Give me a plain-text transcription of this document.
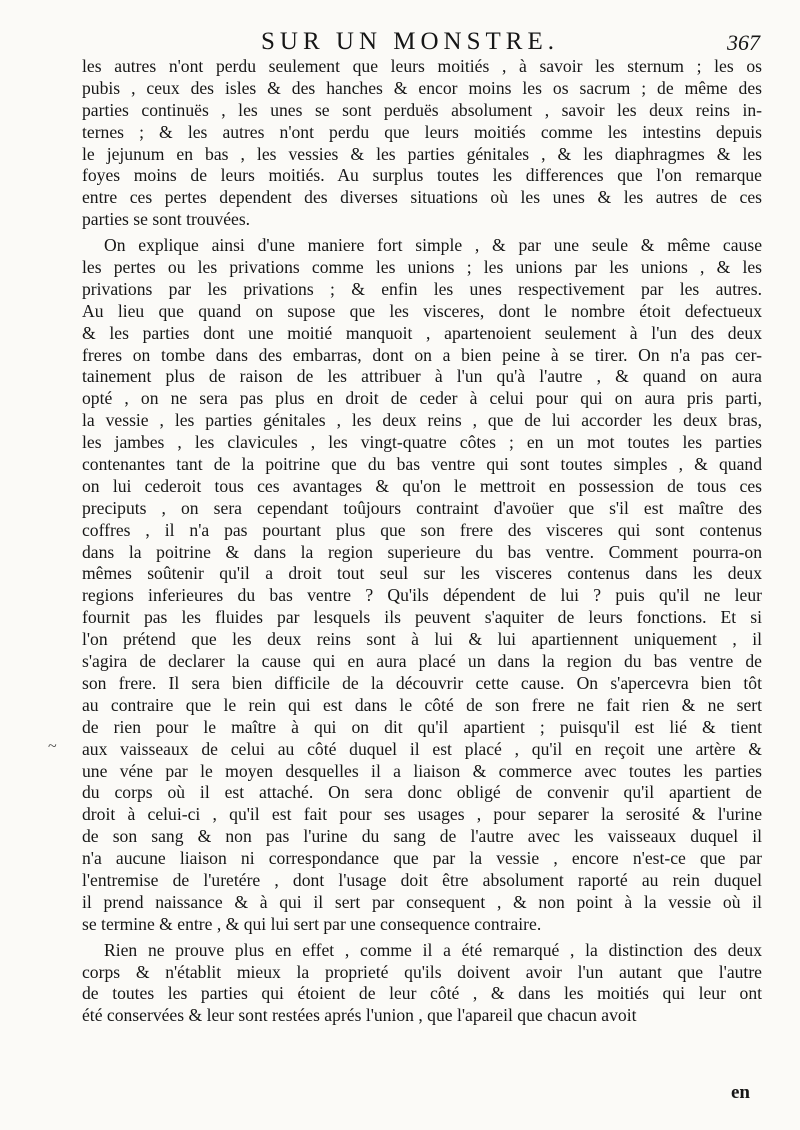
SUR UN MONSTRE.	367
~
les autres n'ont perdu seulement que leurs moitiés , à savoir les sternum ; les os
pubis , ceux des isles & des hanches & encor moins les os sacrum ; de même des
parties continuës , les unes se sont perduës absolument , savoir les deux reins in-
ternes ; & les autres n'ont perdu que leurs moitiés comme les intestins depuis
le jejunum en bas , les vessies & les parties génitales , & les diaphragmes & les
foyes moins de leurs moitiés. Au surplus toutes les differences que l'on remarque
entre ces pertes dependent des diverses situations où les unes & les autres de ces
parties se sont trouvées.
On explique ainsi d'une maniere fort simple , & par une seule & même cause
les pertes ou les privations comme les unions ; les unions par les unions , & les
privations par les privations ; & enfin les unes respectivement par les autres.
Au lieu que quand on supose que les visceres, dont le nombre étoit defectueux
& les parties dont une moitié manquoit , apartenoient seulement à l'un des deux
freres on tombe dans des embarras, dont on a bien peine à se tirer. On n'a pas cer-
tainement plus de raison de les attribuer à l'un qu'à l'autre , & quand on aura
opté , on ne sera pas plus en droit de ceder à celui pour qui on aura pris parti,
la vessie , les parties génitales , les deux reins , que de lui accorder les deux bras,
les jambes , les clavicules , les vingt-quatre côtes ; en un mot toutes les parties
contenantes tant de la poitrine que du bas ventre qui sont toutes simples , & quand
on lui cederoit tous ces avantages & qu'on le mettroit en possession de tous ces
preciputs , on sera cependant toûjours contraint d'avoüer que s'il est maître des
coffres , il n'a pas pourtant plus que son frere des visceres qui sont contenus
dans la poitrine & dans la region superieure du bas ventre. Comment pourra-on
mêmes soûtenir qu'il a droit tout seul sur les visceres contenus dans les deux
regions inferieures du bas ventre ? Qu'ils dépendent de lui ? puis qu'il ne leur
fournit pas les fluides par lesquels ils peuvent s'aquiter de leurs fonctions. Et si
l'on prétend que les deux reins sont à lui & lui apartiennent uniquement , il
s'agira de declarer la cause qui en aura placé un dans la region du bas ventre de
son frere. Il sera bien difficile de la découvrir cette cause. On s'apercevra bien tôt
au contraire que le rein qui est dans le côté de son frere ne fait rien & ne sert
de rien pour le maître à qui on dit qu'il apartient ; puisqu'il est lié & tient
aux vaisseaux de celui au côté duquel il est placé , qu'il en reçoit une artère &
une véne par le moyen desquelles il a liaison & commerce avec toutes les parties
du corps où il est attaché. On sera donc obligé de convenir qu'il apartient de
droit à celui-ci , qu'il est fait pour ses usages , pour separer la serosité & l'urine
de son sang & non pas l'urine du sang de l'autre avec les vaisseaux duquel il
n'a aucune liaison ni correspondance que par la vessie , encore n'est-ce que par
l'entremise de l'uretére , dont l'usage doit être absolument raporté au rein duquel
il prend naissance & à qui il sert par consequent , & non point à la vessie où il
se termine & entre , & qui lui sert par une consequence contraire.
Rien ne prouve plus en effet , comme il a été remarqué , la distinction des deux
corps & n'établit mieux la proprieté qu'ils doivent avoir l'un autant que l'autre
de toutes les parties qui étoient de leur côté , & dans les moitiés qui leur ont
été conservées & leur sont restées aprés l'union , que l'apareil que chacun avoit
en
